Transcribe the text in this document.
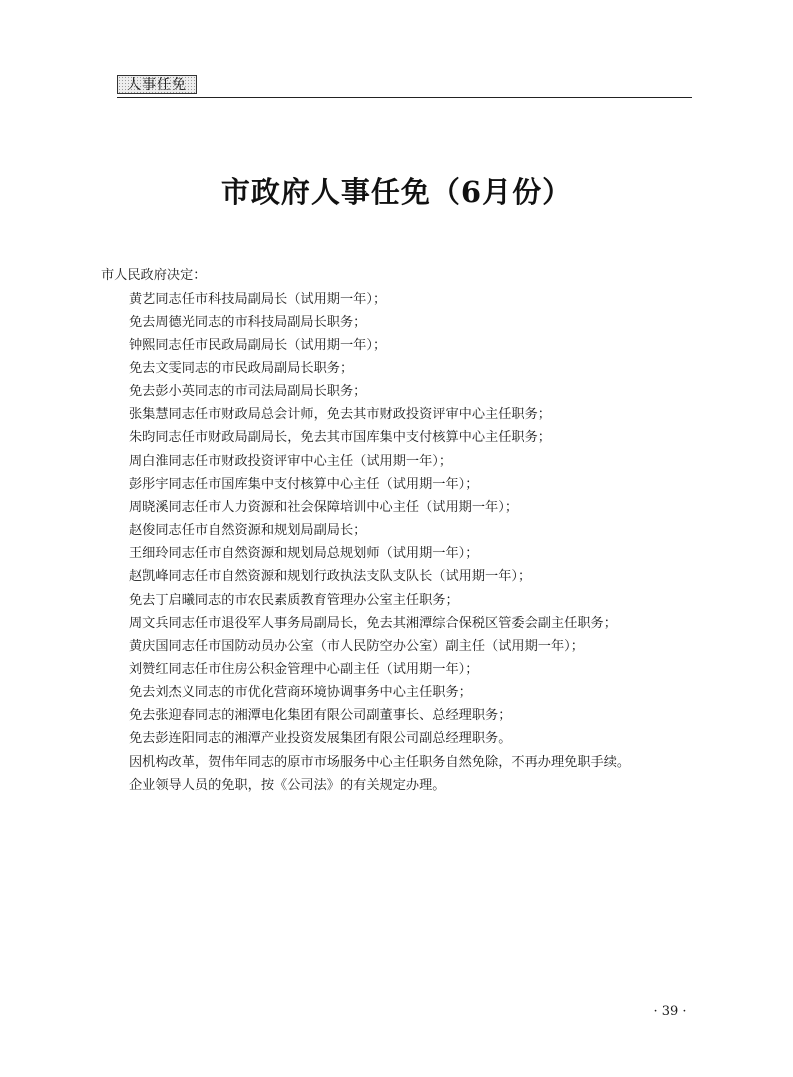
人事任免
市政府人事任免（6月份）

市人民政府决定：

黄艺同志任市科技局副局长（试用期一年）；
免去周德光同志的市科技局副局长职务；
钟熙同志任市民政局副局长（试用期一年）；
免去文雯同志的市民政局副局长职务；
免去彭小英同志的市司法局副局长职务；
张集慧同志任市财政局总会计师，免去其市财政投资评审中心主任职务；
朱昀同志任市财政局副局长，免去其市国库集中支付核算中心主任职务；
周白淮同志任市财政投资评审中心主任（试用期一年）；
彭彤宇同志任市国库集中支付核算中心主任（试用期一年）；
周晓溪同志任市人力资源和社会保障培训中心主任（试用期一年）；
赵俊同志任市自然资源和规划局副局长；
王细玲同志任市自然资源和规划局总规划师（试用期一年）；
赵凯峰同志任市自然资源和规划行政执法支队支队长（试用期一年）；
免去丁启曦同志的市农民素质教育管理办公室主任职务；
周文兵同志任市退役军人事务局副局长，免去其湘潭综合保税区管委会副主任职务；
黄庆国同志任市国防动员办公室（市人民防空办公室）副主任（试用期一年）；
刘赞红同志任市住房公积金管理中心副主任（试用期一年）；
免去刘杰义同志的市优化营商环境协调事务中心主任职务；
免去张迎春同志的湘潭电化集团有限公司副董事长、总经理职务；
免去彭连阳同志的湘潭产业投资发展集团有限公司副总经理职务。
因机构改革，贺伟年同志的原市市场服务中心主任职务自然免除，不再办理免职手续。
企业领导人员的免职，按《公司法》的有关规定办理。
· 39 ·
